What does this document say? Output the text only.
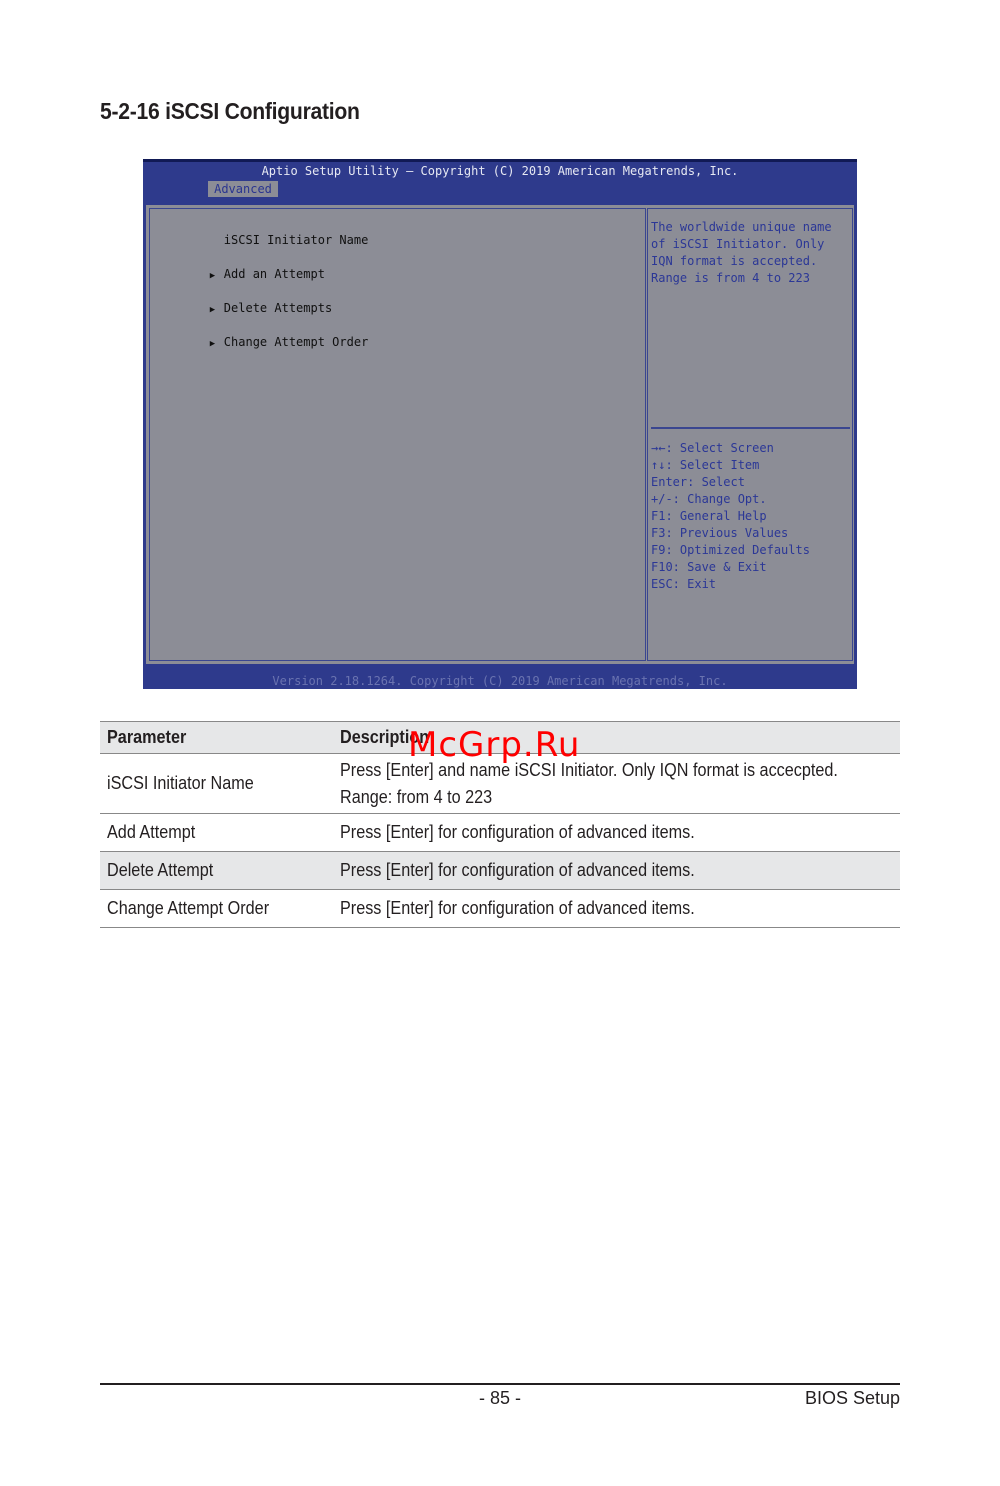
5-2-16 iSCSI Configuration
Aptio Setup Utility – Copyright (C) 2019 American Megatrends, Inc.
Advanced

iSCSI Initiator Name

▶ Add an Attempt

▶ Delete Attempts

▶ Change Attempt Order

The worldwide unique name
of iSCSI Initiator. Only
IQN format is accepted.
Range is from 4 to 223
→←: Select Screen
↑↓: Select Item
Enter: Select
+/-: Change Opt.
F1: General Help
F3: Previous Values
F9: Optimized Defaults
F10: Save & Exit
ESC: Exit
Version 2.18.1264. Copyright (C) 2019 American Megatrends, Inc.
Parameter	Description
iSCSI Initiator Name	Press [Enter] and name iSCSI Initiator. Only IQN format is accecpted.
Range: from 4 to 223
Add Attempt	Press [Enter] for configuration of advanced items.
Delete Attempt	Press [Enter] for configuration of advanced items.
Change Attempt Order	Press [Enter] for configuration of advanced items.
McGrp.Ru
- 85 -	BIOS Setup
